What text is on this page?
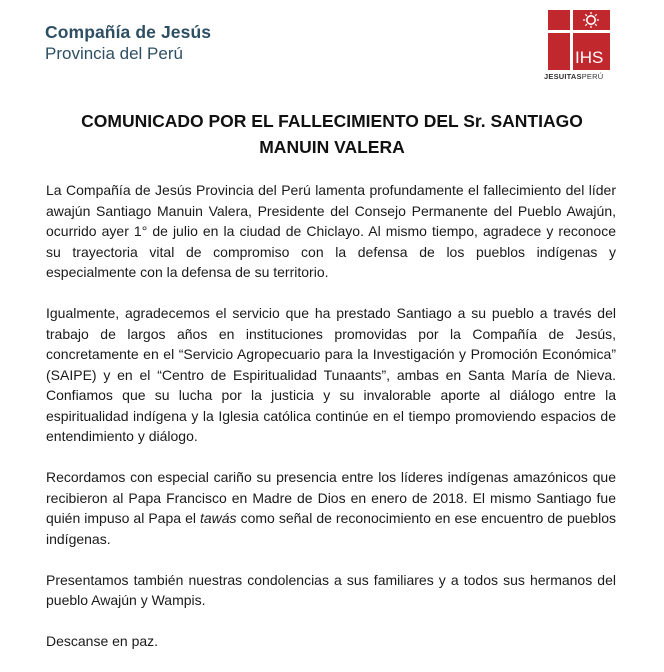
Compañía de Jesús
Provincia del Perú	IHS
JESUITASPERÚ
COMUNICADO POR EL FALLECIMIENTO DEL Sr. SANTIAGO
MANUIN VALERA

La Compañía de Jesús Provincia del Perú lamenta profundamente el fallecimiento del líder awajún Santiago Manuin Valera, Presidente del Consejo Permanente del Pueblo Awajún, ocurrido ayer 1° de julio en la ciudad de Chiclayo. Al mismo tiempo, agradece y reconoce su trayectoria vital de compromiso con la defensa de los pueblos indígenas y especialmente con la defensa de su territorio.

Igualmente, agradecemos el servicio que ha prestado Santiago a su pueblo a través del trabajo de largos años en instituciones promovidas por la Compañía de Jesús, concretamente en el “Servicio Agropecuario para la Investigación y Promoción Económica” (SAIPE) y en el “Centro de Espiritualidad Tunaants”, ambas en Santa María de Nieva. Confiamos que su lucha por la justicia y su invalorable aporte al diálogo entre la espiritualidad indígena y la Iglesia católica continúe en el tiempo promoviendo espacios de entendimiento y diálogo.

Recordamos con especial cariño su presencia entre los líderes indígenas amazónicos que recibieron al Papa Francisco en Madre de Dios en enero de 2018. El mismo Santiago fue quién impuso al Papa el tawás como señal de reconocimiento en ese encuentro de pueblos indígenas.

Presentamos también nuestras condolencias a sus familiares y a todos sus hermanos del pueblo Awajún y Wampis.

Descanse en paz.
